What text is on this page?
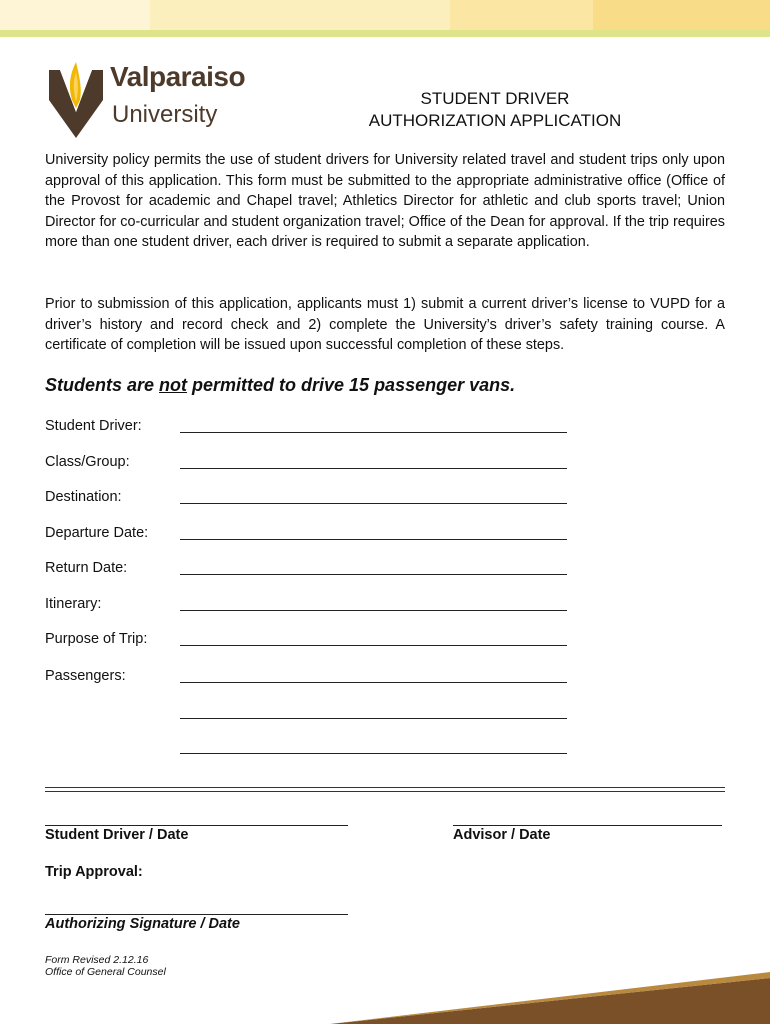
Valparaiso
University
STUDENT DRIVER
AUTHORIZATION APPLICATION
University policy permits the use of student drivers for University related travel and student trips only upon approval of this application. This form must be submitted to the appropriate administrative office (Office of the Provost for academic and Chapel travel; Athletics Director for athletic and club sports travel; Union Director for co-curricular and student organization travel; Office of the Dean for approval. If the trip requires more than one student driver, each driver is required to submit a separate application.
Prior to submission of this application, applicants must 1) submit a current driver’s license to VUPD for a driver’s history and record check and 2) complete the University’s driver’s safety training course. A certificate of completion will be issued upon successful completion of these steps.
Students are not permitted to drive 15 passenger vans.
Student Driver:
Class/Group:
Destination:
Departure Date:
Return Date:
Itinerary:
Purpose of Trip:
Passengers:
Student Driver / Date	Advisor / Date
Trip Approval:
Authorizing Signature / Date
Form Revised 2.12.16
Office of General Counsel
